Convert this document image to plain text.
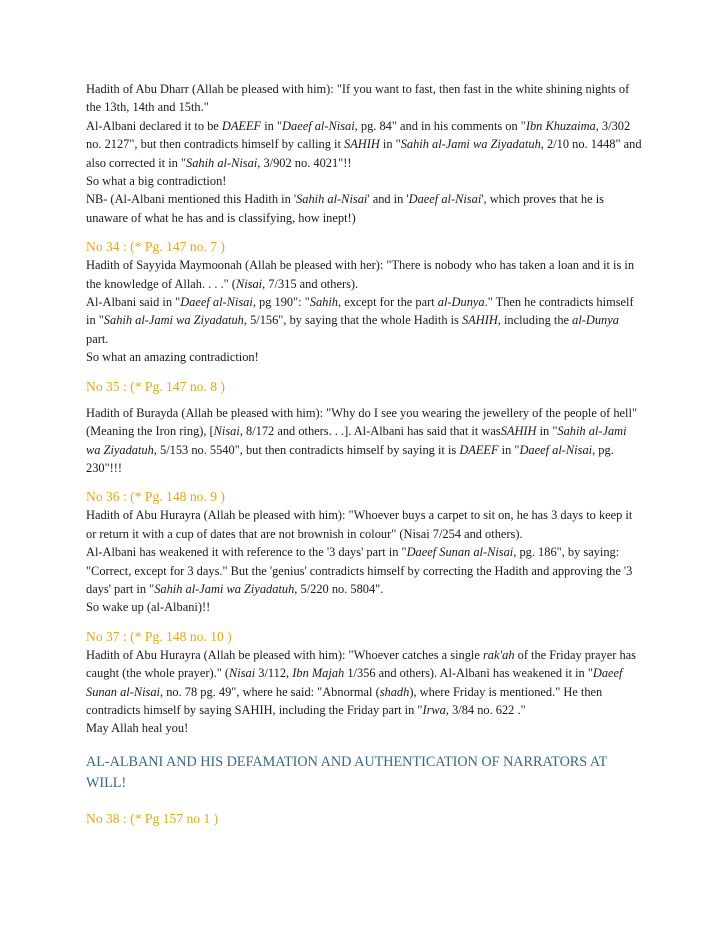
Hadith of Abu Dharr (Allah be pleased with him): "If you want to fast, then fast in the white shining nights of the 13th, 14th and 15th."

Al-Albani declared it to be DAEEF in "Daeef al-Nisai, pg. 84" and in his comments on "Ibn Khuzaima, 3/302 no. 2127", but then contradicts himself by calling it SAHIH in "Sahih al-Jami wa Ziyadatuh, 2/10 no. 1448" and also corrected it in "Sahih al-Nisai, 3/902 no. 4021"!!

So what a big contradiction!

NB- (Al-Albani mentioned this Hadith in 'Sahih al-Nisai' and in 'Daeef al-Nisai', which proves that he is unaware of what he has and is classifying, how inept!)

No 34 : (* Pg. 147 no. 7 )

Hadith of Sayyida Maymoonah (Allah be pleased with her): "There is nobody who has taken a loan and it is in the knowledge of Allah. . . ." (Nisai, 7/315 and others).

Al-Albani said in "Daeef al-Nisai, pg 190": "Sahih, except for the part al-Dunya." Then he contradicts himself in "Sahih al-Jami wa Ziyadatuh, 5/156", by saying that the whole Hadith is SAHIH, including the al-Dunya part.

So what an amazing contradiction!

No 35 : (* Pg. 147 no. 8 )

Hadith of Burayda (Allah be pleased with him): "Why do I see you wearing the jewellery of the people of hell" (Meaning the Iron ring), [Nisai, 8/172 and others. . .]. Al-Albani has said that it wasSAHIH in "Sahih al-Jami wa Ziyadatuh, 5/153 no. 5540", but then contradicts himself by saying it is DAEEF in "Daeef al-Nisai, pg. 230"!!!

No 36 : (* Pg. 148 no. 9 )

Hadith of Abu Hurayra (Allah be pleased with him): "Whoever buys a carpet to sit on, he has 3 days to keep it or return it with a cup of dates that are not brownish in colour" (Nisai 7/254 and others).

Al-Albani has weakened it with reference to the '3 days' part in "Daeef Sunan al-Nisai, pg. 186", by saying: "Correct, except for 3 days." But the 'genius' contradicts himself by correcting the Hadith and approving the '3 days' part in "Sahih al-Jami wa Ziyadatuh, 5/220 no. 5804".

So wake up (al-Albani)!!

No 37 : (* Pg. 148 no. 10 )

Hadith of Abu Hurayra (Allah be pleased with him): "Whoever catches a single rak'ah of the Friday prayer has caught (the whole prayer)." (Nisai 3/112, Ibn Majah 1/356 and others). Al-Albani has weakened it in "Daeef Sunan al-Nisai, no. 78 pg. 49", where he said: "Abnormal (shadh), where Friday is mentioned." He then contradicts himself by saying SAHIH, including the Friday part in "Irwa, 3/84 no. 622 ."

May Allah heal you!

AL-ALBANI AND HIS DEFAMATION AND AUTHENTICATION OF NARRATORS AT WILL!

No 38 : (* Pg 157 no 1 )
